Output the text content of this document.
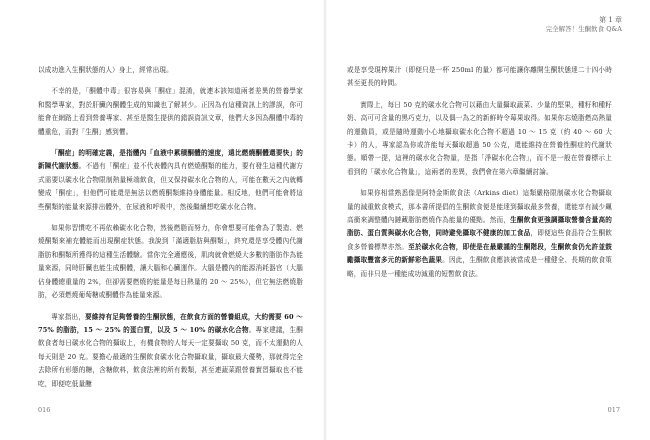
以成功進入生酮狀態的人）身上，經常出現。

不幸的是，「酮體中毒」很容易與「酮症」混淆，就連本該知道兩者差異的營養學家和醫學專家，對於肝臟內酮體生成的知識也了解甚少。正因為有這種資訊上的謬誤，你可能會在網路上看到營養專家、甚至是醫生提供的錯誤資訊文章，他們大多因為酮體中毒的體重危，而對「生酮」感到懼。

「酮症」的明確定義，是指體內「血液中累積酮體的速度，遠比燃燒酮體還要快」的新陳代謝狀態。不過有「酮症」並不代表體內具有燃燒酮類的能力，要有發生這種代謝方式需要以碳水化合物限制熱量極端飲食，但又保持碳水化合物的人，可能在數天之內就轉變成「酮症」，但他們可能還是無法以燃燒酮類維持身體能量。相反地，他們可能會將這些酮類的能量來源排出體外，在尿液和呼吸中，然後繼續想吃碳水化合物。

如果你習慣吃不再依賴碳水化合物，然後燃脂而努力，你會想要可能會為了製造、燃燒酮類來補充體能而出現酮症狀態。我說到「滿適脂肪與酮類」，終究還是享受體內代謝脂肪和酮類所獲得的這種生活體驗。當你完全適應後，肌肉就會燃燒大多數的脂肪作為能量來源，同時肝臟也能生成酮體，讓大腦和心臟運作。大腦是體內的能源消耗器官（大腦佔身體總重量的 2%，但卻需要燃燒的能量是每日熱量的 20 ～ 25%），但它無法燃燒脂肪，必須燃燒葡萄糖或酮體作為能量來源。

專家指出，要維持有足夠營養的生酮狀態，在飲食方面的營養組成，大約需要 60 ～ 75% 的脂肪，15 ～ 25% 的蛋白質，以及 5 ～ 10% 的碳水化合物。專家建議，生酮飲食者每日碳水化合物的攝取上，有機食物的人每天一定要攝取 50 克，而不太運動的人每天則是 20 克。要擔心最適的生酮飲食碳水化合物攝取量，攝取最大優勢，那就得完全去除所有形態的糖，含糖飲料，飲食法裡的所有穀類，甚至連蔬菜跟營養實習攝取也不能吃，即便吃低量醣

016
第 1 章
完全解答！生酮飲食 Q&A

或是享受現榨果汁（即便只是一杯 250ml 的量）都可能讓你離開生酮狀態達二十四小時甚至更長的時間。

實際上，每日 50 克的碳水化合物可以藉由大量攝取蔬菜、少量的堅果，種籽和種籽奶、高可可含量的黑巧克力，以及偶一為之的新鮮時令莓果取得。如果你忘燒脂燃高熱量的運動員，或是隨時運動小心地攝取碳水化合物不超過 10 ～ 15 克（約 40 ～ 60 大卡）的人，專家認為你或許能每天攝取超過 50 公克，還能維持在營養性酮症的代謝狀態。順帶一提，這裡的碳水化合物量，是指「淨碳水化合物」，而不是一般在營養標示上看到的「碳水化合物量」，這兩者的差異，我們會在第六章繼續討論。

如果你相當熟悉像是阿特金斯飲食法（Arkins diet）這類嚴格限制碳水化合物攝取量的減重飲食模式，那本書所提倡的生酮飲食便是能達到攝取最多營養，還能享有減少飆高衝來調整體內鏈藏脂肪燃燒作為能量的優點。然而，生酮飲食更強調攝取營養含量高的脂肪、蛋白質與碳水化合物，同時避免攝取不健康的加工食品，即便這些食品符合生酮飲食多營養標準亦然。至於碳水化合物，即使是在最嚴謹的生酮階段，生酮飲食仍允許並鼓勵攝取豐富多元的新鮮彩色蔬果。因此，生酮飲食應該被當成是一種健全、長期的飲食策略，而非只是一種能成功減重的短暫飲食法。

017
